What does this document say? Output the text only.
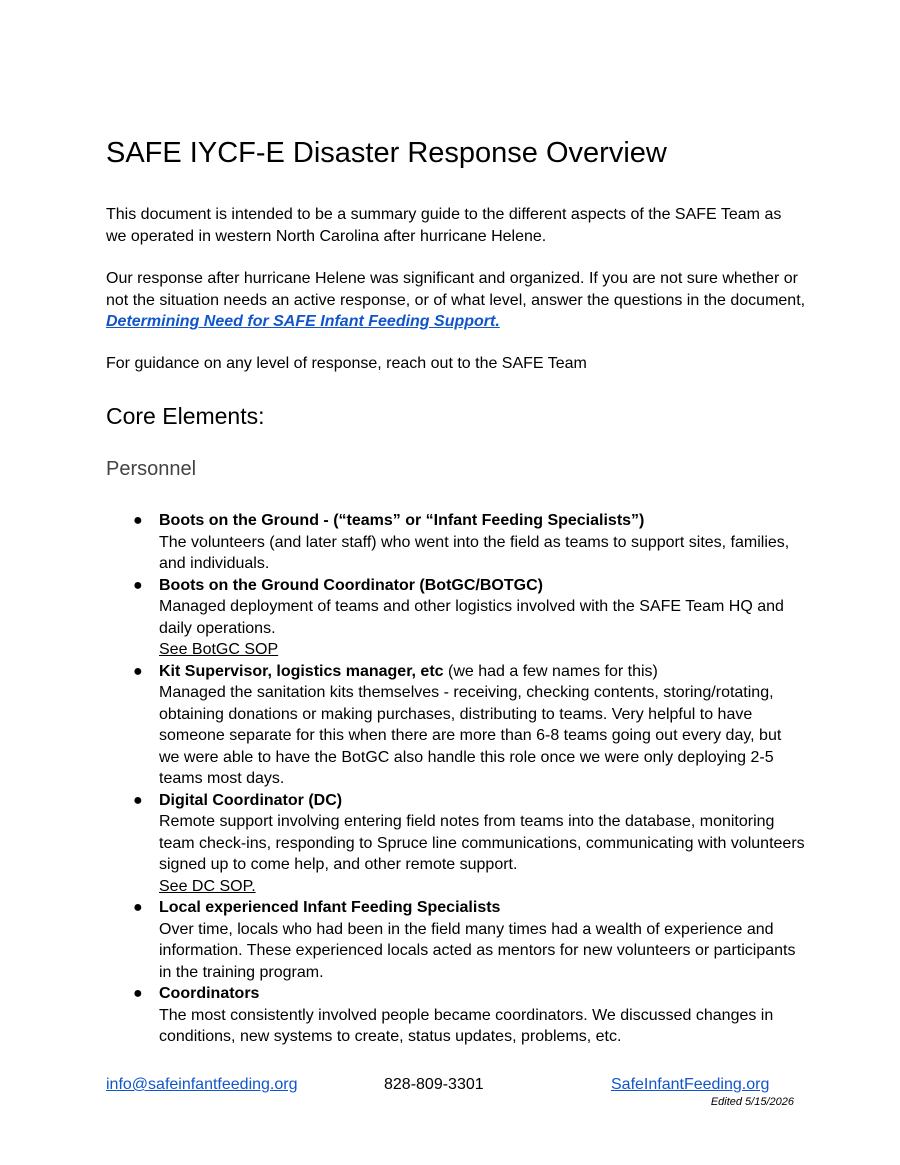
SAFE IYCF-E Disaster Response Overview

This document is intended to be a summary guide to the different aspects of the SAFE Team as we operated in western North Carolina after hurricane Helene.

Our response after hurricane Helene was significant and organized. If you are not sure whether or not the situation needs an active response, or of what level, answer the questions in the document, Determining Need for SAFE Infant Feeding Support.

For guidance on any level of response, reach out to the SAFE Team

Core Elements:
Personnel
● Boots on the Ground - (“teams” or “Infant Feeding Specialists”)
The volunteers (and later staff) who went into the field as teams to support sites, families, and individuals.
● Boots on the Ground Coordinator (BotGC/BOTGC)
Managed deployment of teams and other logistics involved with the SAFE Team HQ and daily operations.
See BotGC SOP
● Kit Supervisor, logistics manager, etc (we had a few names for this)
Managed the sanitation kits themselves - receiving, checking contents, storing/rotating, obtaining donations or making purchases, distributing to teams. Very helpful to have someone separate for this when there are more than 6-8 teams going out every day, but we were able to have the BotGC also handle this role once we were only deploying 2-5 teams most days.
● Digital Coordinator (DC)
Remote support involving entering field notes from teams into the database, monitoring team check-ins, responding to Spruce line communications, communicating with volunteers signed up to come help, and other remote support.
See DC SOP.
● Local experienced Infant Feeding Specialists
Over time, locals who had been in the field many times had a wealth of experience and information. These experienced locals acted as mentors for new volunteers or participants in the training program.
● Coordinators
The most consistently involved people became coordinators. We discussed changes in conditions, new systems to create, status updates, problems, etc.
info@safeinfantfeeding.org	828-809-3301	SafeInfantFeeding.org
Edited 5/15/2026
